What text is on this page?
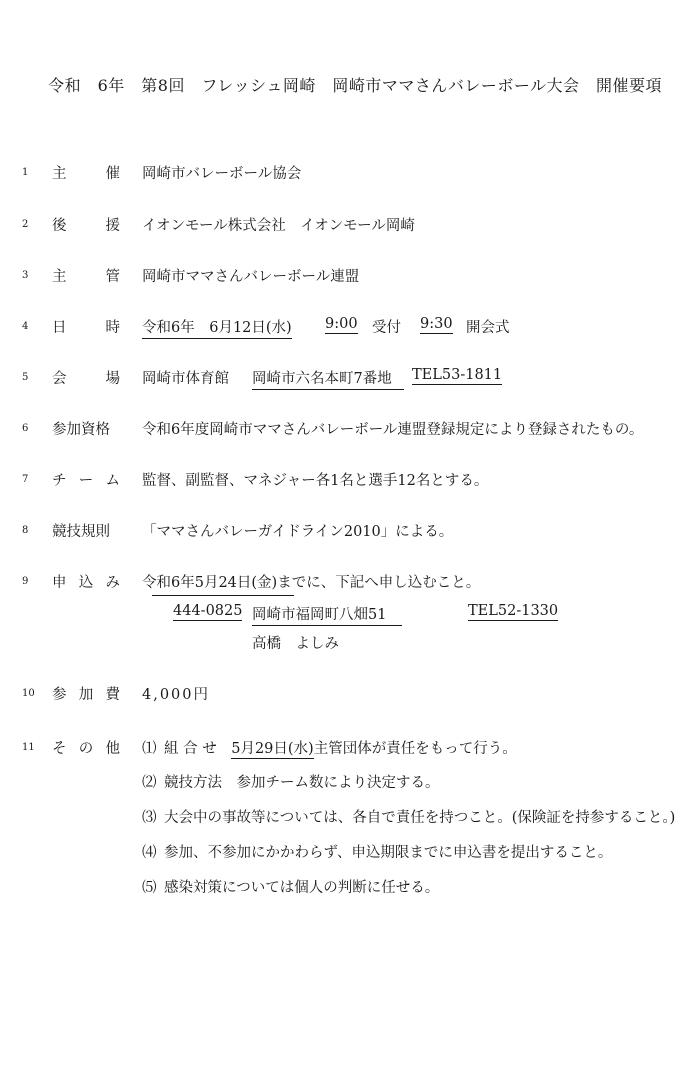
令和　6年　第8回　フレッシュ岡崎　岡崎市ママさんバレーボール大会　開催要項
1 主	催 岡崎市バレーボール協会
2 後	援 イオンモール株式会社　イオンモール岡崎
3 主	管 岡崎市ママさんバレーボール連盟
4 日	時 令和6年　6月12日(水) 9:00 受付 9:30 開会式
5 会	場 岡崎市体育館 岡崎市六名本町7番地	TEL53-1811
6 参加資格 令和6年度岡崎市ママさんバレーボール連盟登録規定により登録されたもの。
7 チ ー ム 監督、副監督、マネジャー各1名と選手12名とする。
8 競技規則 「ママさんバレーガイドライン2010」による。
9 申 込 み 令和6年5月24日(金)までに、下記へ申し込むこと。
444-0825 岡崎市福岡町八畑51	TEL52-1330
高橋　よしみ
10 参 加 費 4,000円
11 そ の 他 ⑴ 組 合 せ　5月29日(水)主管団体が責任をもって行う。
⑵ 競技方法　参加チーム数により決定する。
⑶ 大会中の事故等については、各自で責任を持つこと。(保険証を持参すること。)
⑷ 参加、不参加にかかわらず、申込期限までに申込書を提出すること。
⑸ 感染対策については個人の判断に任せる。
